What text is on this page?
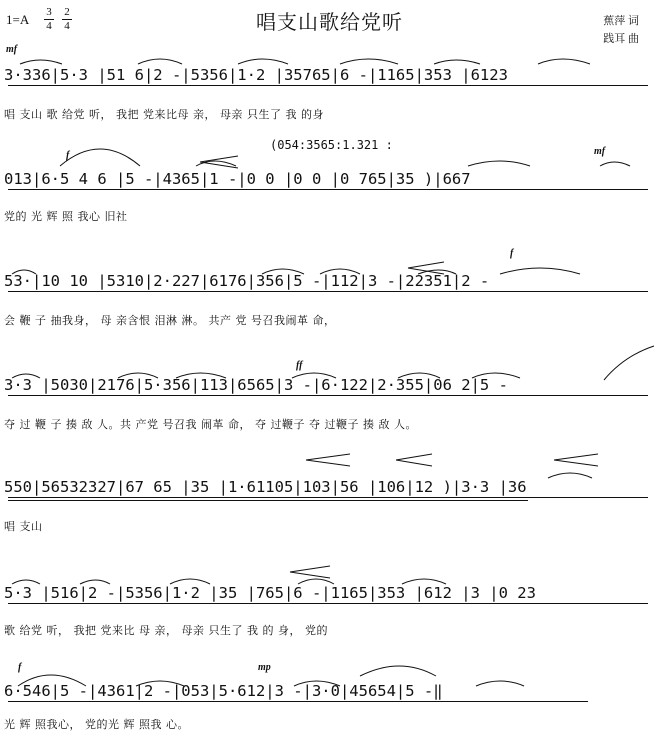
1=A 3
4
2
4	唱支山歌给党听	蕉萍 词
践耳 曲
mf
3·336|5·3 |51 6|2 -|5356|1·2 |35765|6 -|1165|353 |6123
唱 支山 歌 给党 听， 我把 党来比母 亲， 母亲 只生了 我 的身
(054:3565:1.321 :
f	mf
013|6·5 4 6 |5 -|4365|1 -|0 0 |0 0 |0 765|35 )|667
党的 光 辉 照 我心 旧社
f
53·|10 10 |5310|2·227|6176|356|5 -|112|3 -|22351|2 -
会 鞭 子 抽我身， 母 亲含恨 泪淋 淋。 共产 党 号召我闹革 命，
ff
3·3 |5030|2176|5·356|113|6565|3 -|6·122|2·355|06 2|5 -
夺 过 鞭 子 揍 敌 人。共 产党 号召我 闹革 命， 夺 过鞭子 夺 过鞭子 揍 敌 人。
550|56532327|67 65 |35 |1·61105|103|56 |106|12 )|3·3 |36
唱 支山
5·3 |516|2 -|5356|1·2 |35 |765|6 -|1165|353 |612 |3 |0 23
歌 给党 听， 我把 党来比 母 亲， 母亲 只生了 我 的 身， 党的
f	mp
6·546|5 -|4361|2 -|053|5·612|3 -|3·0|45654|5 -‖
光 辉 照我心， 党的光 辉 照我 心。
